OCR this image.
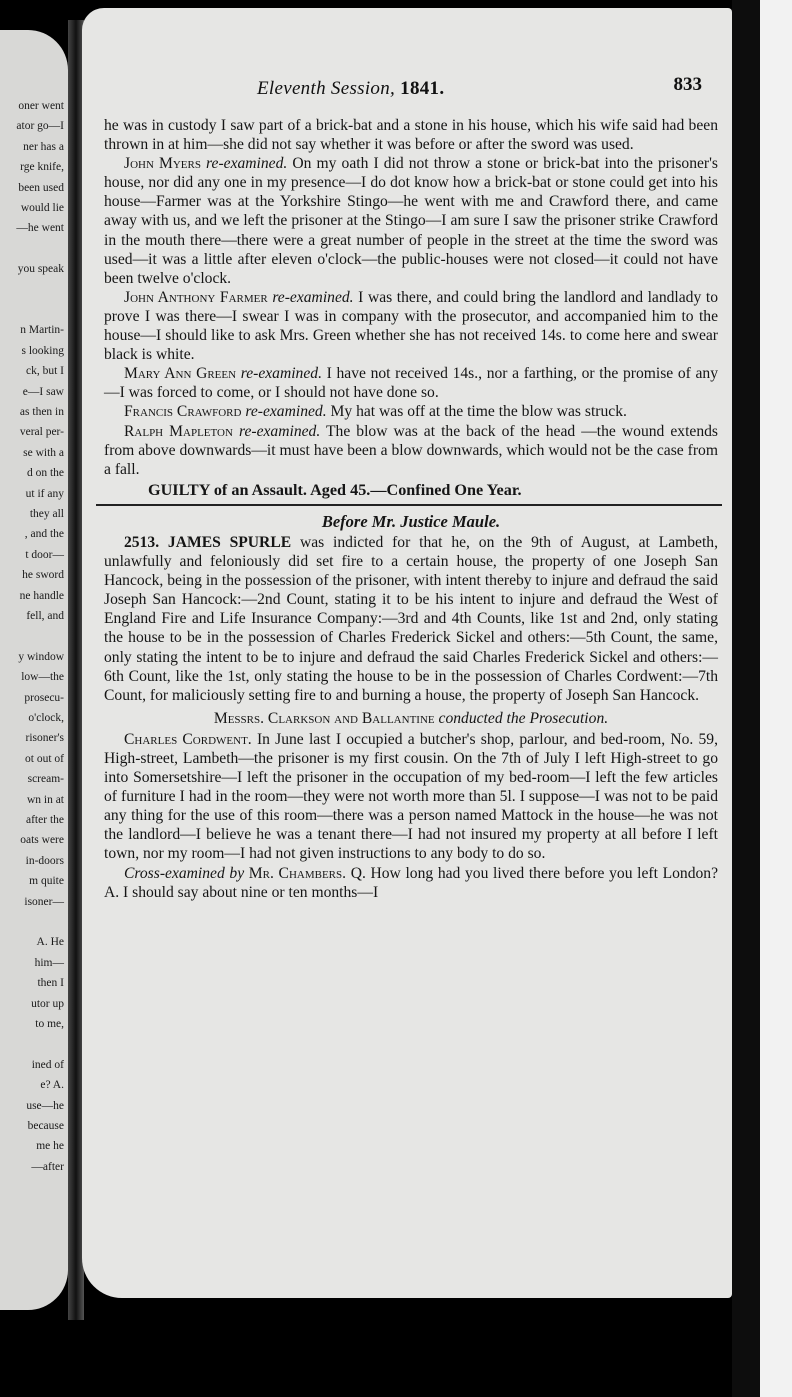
oner went
ator go—I
ner has a
rge knife,
been used
would lie
—he went
you speak
n Martin-
s looking
ck, but I
e—I saw
as then in
veral per-
se with a
d on the
ut if any
they all
, and the
t door—
he sword
ne handle
fell, and
y window
low—the
prosecu-
o'clock,
risoner's
ot out of
scream-
wn in at
after the
oats were
in-doors
m quite
isoner—
A. He
him—
then I
utor up
to me,
ined of
e? A.
use—he
because
me he
—after
Eleventh Session, 1841.	833

he was in custody I saw part of a brick-bat and a stone in his house, which his wife said had been thrown in at him—she did not say whether it was before or after the sword was used.

John Myers re-examined. On my oath I did not throw a stone or brick-bat into the prisoner's house, nor did any one in my presence—I do dot know how a brick-bat or stone could get into his house—Farmer was at the Yorkshire Stingo—he went with me and Crawford there, and came away with us, and we left the prisoner at the Stingo—I am sure I saw the prisoner strike Crawford in the mouth there—there were a great number of people in the street at the time the sword was used—it was a little after eleven o'clock—the public-houses were not closed—it could not have been twelve o'clock.

John Anthony Farmer re-examined. I was there, and could bring the landlord and landlady to prove I was there—I swear I was in company with the prosecutor, and accompanied him to the house—I should like to ask Mrs. Green whether she has not received 14s. to come here and swear black is white.

Mary Ann Green re-examined. I have not received 14s., nor a farthing, or the promise of any—I was forced to come, or I should not have done so.

Francis Crawford re-examined. My hat was off at the time the blow was struck.

Ralph Mapleton re-examined. The blow was at the back of the head —the wound extends from above downwards—it must have been a blow downwards, which would not be the case from a fall.

GUILTY of an Assault. Aged 45.—Confined One Year.

Before Mr. Justice Maule.

2513. JAMES SPURLE was indicted for that he, on the 9th of August, at Lambeth, unlawfully and feloniously did set fire to a certain house, the property of one Joseph San Hancock, being in the possession of the prisoner, with intent thereby to injure and defraud the said Joseph San Hancock:—2nd Count, stating it to be his intent to injure and defraud the West of England Fire and Life Insurance Company:—3rd and 4th Counts, like 1st and 2nd, only stating the house to be in the possession of Charles Frederick Sickel and others:—5th Count, the same, only stating the intent to be to injure and defraud the said Charles Frederick Sickel and others:—6th Count, like the 1st, only stating the house to be in the possession of Charles Cordwent:—7th Count, for maliciously setting fire to and burning a house, the property of Joseph San Hancock.

Messrs. Clarkson and Ballantine conducted the Prosecution.

Charles Cordwent. In June last I occupied a butcher's shop, parlour, and bed-room, No. 59, High-street, Lambeth—the prisoner is my first cousin. On the 7th of July I left High-street to go into Somersetshire—I left the prisoner in the occupation of my bed-room—I left the few articles of furniture I had in the room—they were not worth more than 5l. I suppose—I was not to be paid any thing for the use of this room—there was a person named Mattock in the house—he was not the landlord—I believe he was a tenant there—I had not insured my property at all before I left town, nor my room—I had not given instructions to any body to do so.

Cross-examined by Mr. Chambers. Q. How long had you lived there before you left London? A. I should say about nine or ten months—I
